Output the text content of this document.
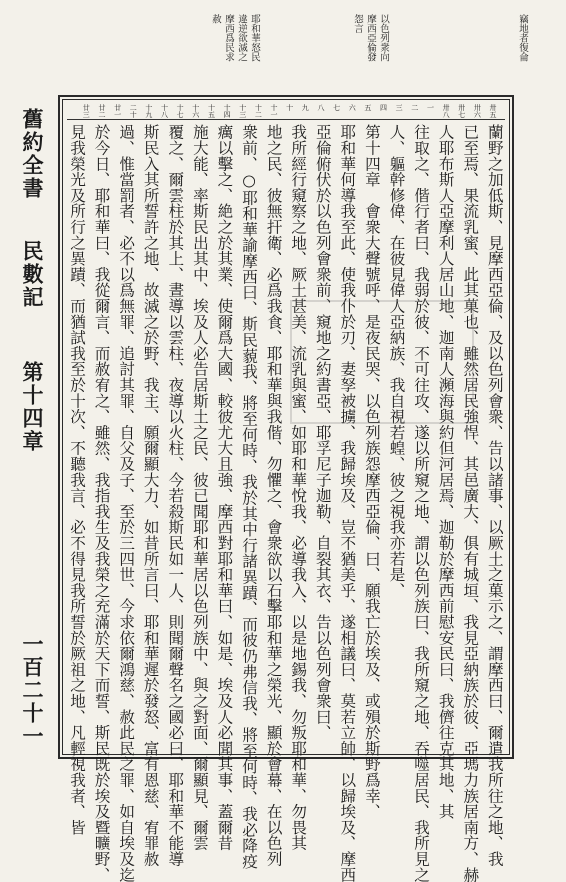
竊地者復侖
以色列衆向
摩西亞倫發
怨言
耶和華怒民
違逆欲滅之
摩西爲民求
赦
卅五
卅六
卅七
卅八
一
二
三
四
五
六
七
八
九
十
十一
十二
十三
十四
十五
十六
十七
十八
十九
二十
廿一
廿二
廿三
蘭野之加低斯、見摩西亞倫、及以色列會衆、告以諸事、以厥土之菓示之、謂摩西曰、爾遣我所往之地、我
已至焉、果流乳蜜、此其菓也、雖然居民強悍、其邑廣大、俱有城垣、我見亞納族於彼、亞瑪力族居南方、赫
人耶布斯人亞摩利人居山地、迦南人瀕海與約但河居焉、迦勒於摩西前慰安民曰、我儕往克其地、其
往取之、偕行者曰、我弱於彼、不可往攻、遂以所窺之地、謂以色列族曰、我所窺之地、吞噬居民、我所見之
人、軀幹修偉、在彼見偉人亞納族、我自視若蝗、彼之視我亦若是、
第十四章　會衆大聲號呼、是夜民哭、以色列族怨摩西亞倫、曰、願我亡於埃及、或殞於斯野爲幸、
耶和華何導我至此、使我仆於刃、妻孥被擄、我歸埃及、豈不猶美乎、遂相議曰、莫若立帥、以歸埃及、摩西
亞倫俯伏於以色列會衆前、窺地之約書亞、耶孚尼子迦勒、自裂其衣、告以色列會衆曰、
我所經行窺察之地、厥土甚美、流乳與蜜、如耶和華悅我、必導我入、以是地錫我、勿叛耶和華、勿畏其
地之民、彼無扞衛、必爲我食、耶和華與我偕、勿懼之、會衆欲以石擊耶和華之榮光、顯於會幕、在以色列
衆前、○耶和華諭摩西曰、斯民藐我、將至何時、我於其中行諸異蹟、而彼仍弗信我、將至何時、我必降疫
癘以擊之、絶之於其業、使爾爲大國、較彼尤大且強、摩西對耶和華曰、如是、埃及人必聞其事、蓋爾昔
施大能、率斯民出其中、埃及人必告居斯土之民、彼已聞耶和華居以色列族中、與之對面、爾顯見、爾雲
覆之、爾雲柱於其上、晝導以雲柱、夜導以火柱、今若殺斯民如一人、則聞爾聲名之國必曰、耶和華不能導
斯民入其所誓許之地、故滅之於野、我主、願爾顯大力、如昔所言曰、耶和華遲於發怒、富有恩慈、宥罪赦
過、惟當罰者、必不以爲無罪、追討其罪、自父及子、至於三四世、今求依爾鴻慈、赦此民之罪、如自埃及迄
於今日、耶和華曰、我從爾言、而赦宥之、雖然、我指我生及我榮之充滿於天下而誓、斯民既於埃及暨曠野、
見我榮光及所行之異蹟、而猶試我至於十次、不聽我言、必不得見我所誓於厥祖之地、凡輕視我者、皆
舊約全書
民數記
第十四章
一百二十一
